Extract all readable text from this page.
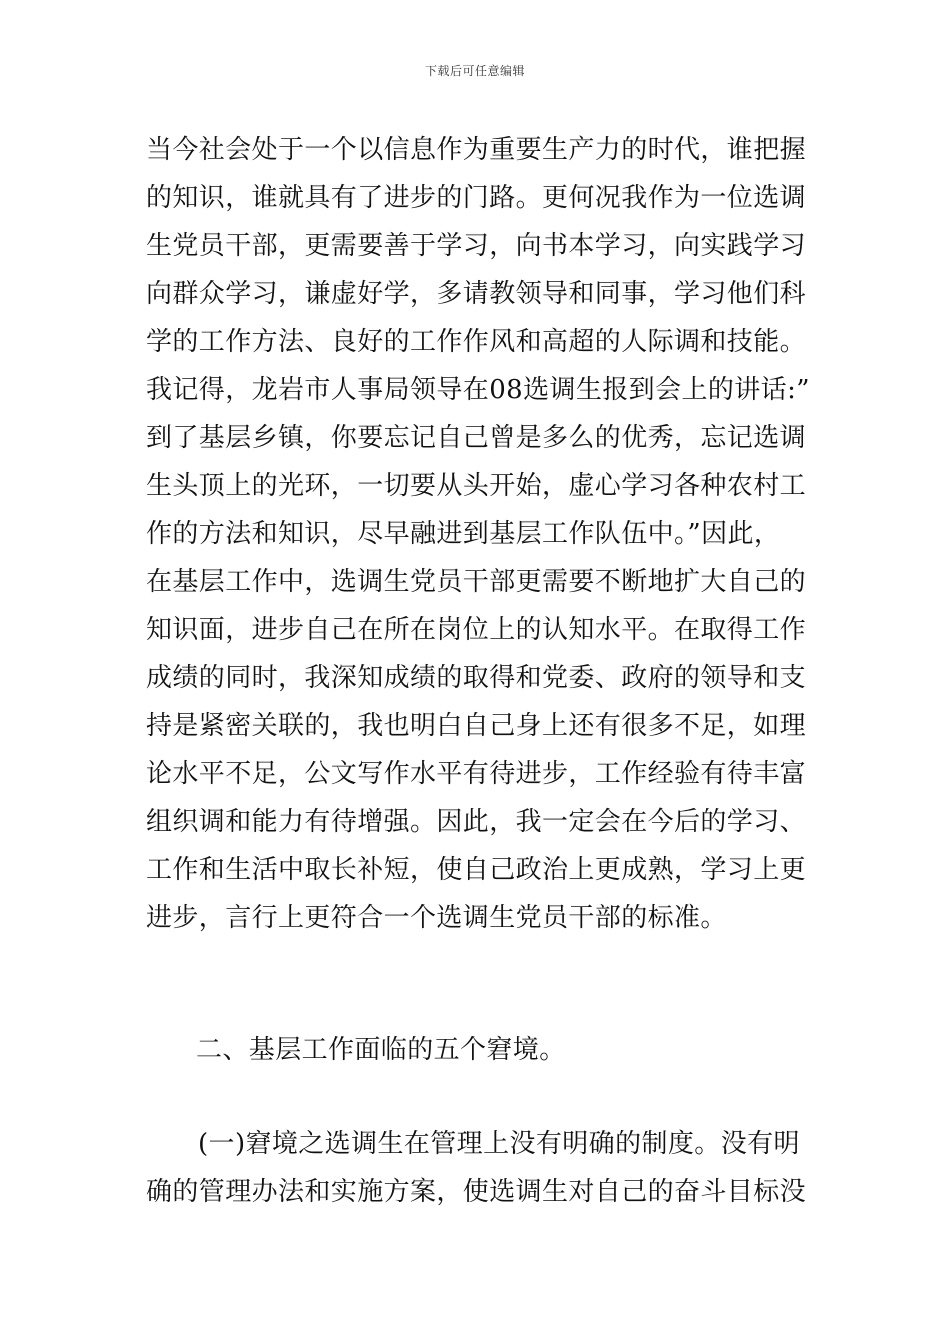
下载后可任意编辑
当今社会处于一个以信息作为重要生产力的时代，谁把握
的知识，谁就具有了进步的门路。更何况我作为一位选调
生党员干部，更需要善于学习，向书本学习，向实践学习
向群众学习，谦虚好学，多请教领导和同事，学习他们科
学的工作方法、良好的工作作风和高超的人际调和技能。
我记得，龙岩市人事局领导在08选调生报到会上的讲话:”
到了基层乡镇，你要忘记自己曾是多么的优秀，忘记选调
生头顶上的光环，一切要从头开始，虚心学习各种农村工
作的方法和知识，尽早融进到基层工作队伍中。”因此，
在基层工作中，选调生党员干部更需要不断地扩大自己的
知识面，进步自己在所在岗位上的认知水平。在取得工作
成绩的同时，我深知成绩的取得和党委、政府的领导和支
持是紧密关联的，我也明白自己身上还有很多不足，如理
论水平不足，公文写作水平有待进步，工作经验有待丰富
组织调和能力有待增强。因此，我一定会在今后的学习、
工作和生活中取长补短，使自己政治上更成熟，学习上更
进步，言行上更符合一个选调生党员干部的标准。
二、基层工作面临的五个窘境。
(一)窘境之选调生在管理上没有明确的制度。没有明
确的管理办法和实施方案，使选调生对自己的奋斗目标没
